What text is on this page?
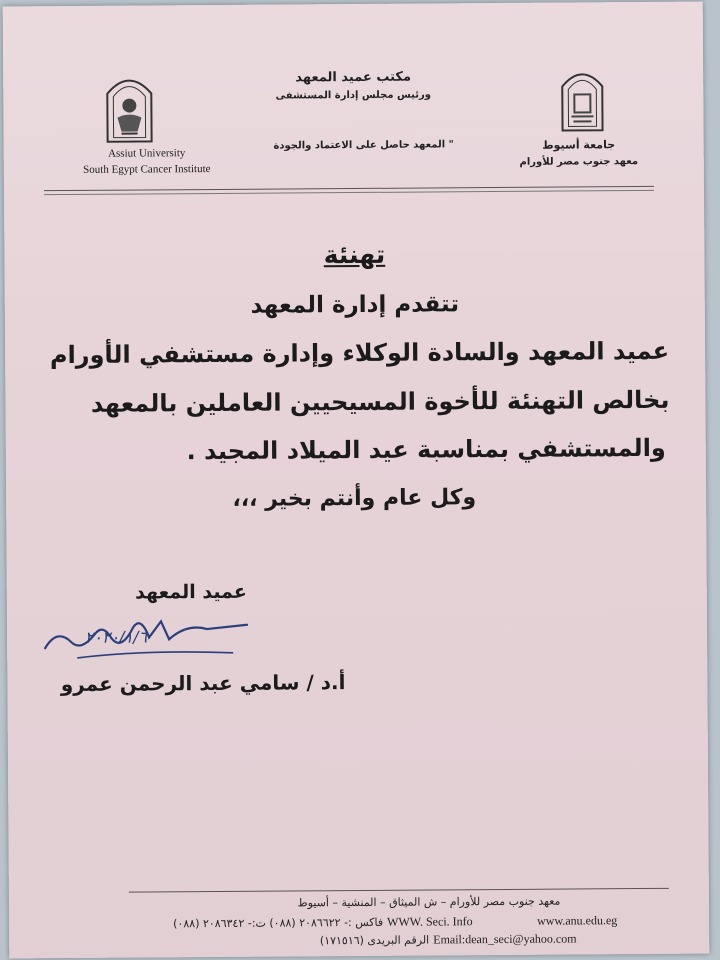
Assiut University
South Egypt Cancer Institute
مكتب عميد المعهد
ورئيس مجلس إدارة المستشفى
" المعهد حاصل على الاعتماد والجودة	جامعة أسيوط
معهد جنوب مصر للأورام
تهنئة
تتقدم إدارة المعهد
عميد المعهد والسادة الوكلاء وإدارة مستشفي الأورام
بخالص التهنئة للأخوة المسيحيين العاملين بالمعهد
والمستشفي بمناسبة عيد الميلاد المجيد .
وكل عام وأنتم بخير ،،،
عميد المعهد
٢٠٢٠/١/٦
أ.د / سامي عبد الرحمن عمرو
معهد جنوب مصر للأورام – ش الميثاق – المنشية – أسيوط
فاكس :- ٢٠٨٦٦٢٢ (٠٨٨) ت:- ٢٠٨٦٣٤٢ (٠٨٨) WWW. Seci. Info	www.anu.edu.eg
الرقم البريدى (١٧١٥١٦) Email:dean_seci@yahoo.com
